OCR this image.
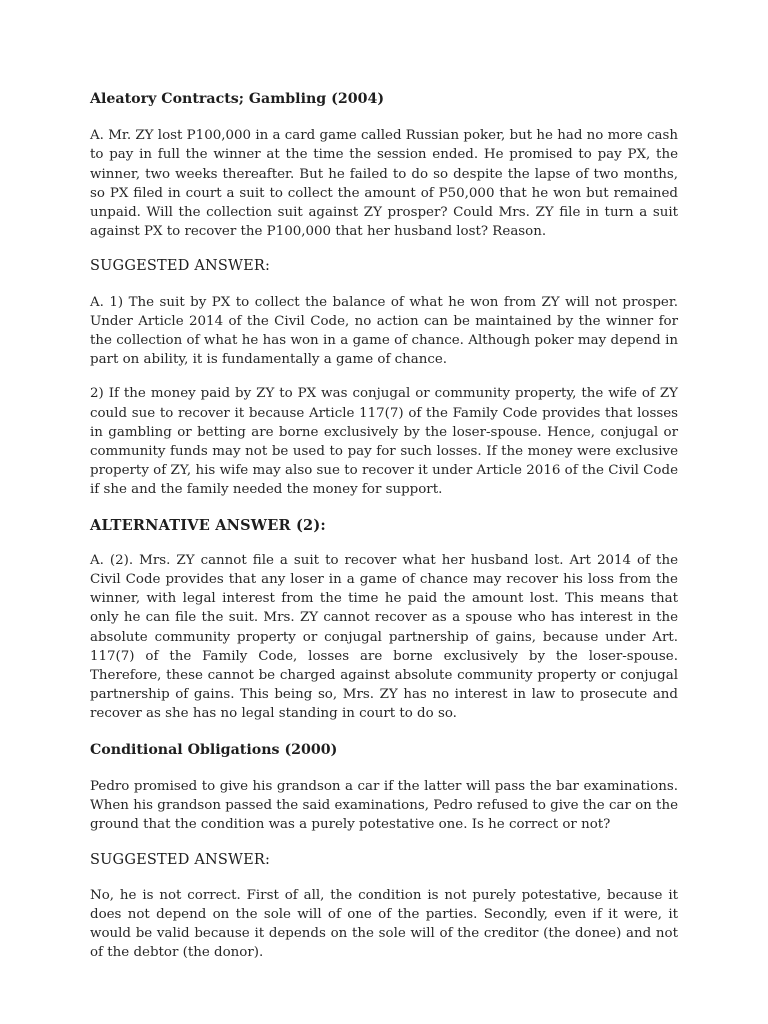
Aleatory Contracts; Gambling (2004)

A. Mr. ZY lost P100,000 in a card game called Russian poker, but he had no more cash to pay in full the winner at the time the session ended. He promised to pay PX, the winner, two weeks thereafter. But he failed to do so despite the lapse of two months, so PX filed in court a suit to collect the amount of P50,000 that he won but remained unpaid. Will the collection suit against ZY prosper? Could Mrs. ZY file in turn a suit against PX to recover the P100,000 that her husband lost? Reason.

SUGGESTED ANSWER:

A. 1) The suit by PX to collect the balance of what he won from ZY will not prosper. Under Article 2014 of the Civil Code, no action can be maintained by the winner for the collection of what he has won in a game of chance. Although poker may depend in part on ability, it is fundamentally a game of chance.

2) If the money paid by ZY to PX was conjugal or community property, the wife of ZY could sue to recover it because Article 117(7) of the Family Code provides that losses in gambling or betting are borne exclusively by the loser-spouse. Hence, conjugal or community funds may not be used to pay for such losses. If the money were exclusive property of ZY, his wife may also sue to recover it under Article 2016 of the Civil Code if she and the family needed the money for support.

ALTERNATIVE ANSWER (2):

A. (2). Mrs. ZY cannot file a suit to recover what her husband lost. Art 2014 of the Civil Code provides that any loser in a game of chance may recover his loss from the winner, with legal interest from the time he paid the amount lost. This means that only he can file the suit. Mrs. ZY cannot recover as a spouse who has interest in the absolute community property or conjugal partnership of gains, because under Art. 117(7) of the Family Code, losses are borne exclusively by the loser-spouse. Therefore, these cannot be charged against absolute community property or conjugal partnership of gains. This being so, Mrs. ZY has no interest in law to prosecute and recover as she has no legal standing in court to do so.

Conditional Obligations (2000)

Pedro promised to give his grandson a car if the latter will pass the bar examinations. When his grandson passed the said examinations, Pedro refused to give the car on the ground that the condition was a purely potestative one. Is he correct or not?

SUGGESTED ANSWER:

No, he is not correct. First of all, the condition is not purely potestative, because it does not depend on the sole will of one of the parties. Secondly, even if it were, it would be valid because it depends on the sole will of the creditor (the donee) and not of the debtor (the donor).
